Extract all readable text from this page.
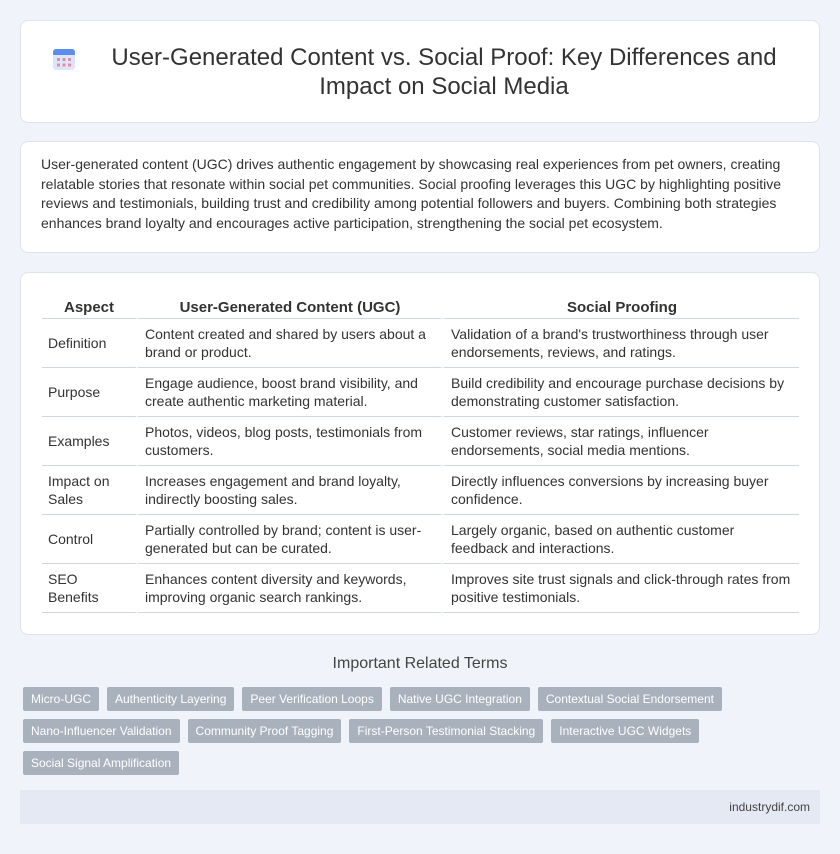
User-Generated Content vs. Social Proof: Key Differences and Impact on Social Media

User-generated content (UGC) drives authentic engagement by showcasing real experiences from pet owners, creating relatable stories that resonate within social pet communities. Social proofing leverages this UGC by highlighting positive reviews and testimonials, building trust and credibility among potential followers and buyers. Combining both strategies enhances brand loyalty and encourages active participation, strengthening the social pet ecosystem.

Aspect	User-Generated Content (UGC)	Social Proofing
Definition	Content created and shared by users about a brand or product.	Validation of a brand's trustworthiness through user endorsements, reviews, and ratings.
Purpose	Engage audience, boost brand visibility, and create authentic marketing material.	Build credibility and encourage purchase decisions by demonstrating customer satisfaction.
Examples	Photos, videos, blog posts, testimonials from customers.	Customer reviews, star ratings, influencer endorsements, social media mentions.
Impact on Sales	Increases engagement and brand loyalty, indirectly boosting sales.	Directly influences conversions by increasing buyer confidence.
Control	Partially controlled by brand; content is user-generated but can be curated.	Largely organic, based on authentic customer feedback and interactions.
SEO Benefits	Enhances content diversity and keywords, improving organic search rankings.	Improves site trust signals and click-through rates from positive testimonials.
Important Related Terms
Micro-UGC	Authenticity Layering	Peer Verification Loops	Native UGC Integration	Contextual Social Endorsement
Nano-Influencer Validation	Community Proof Tagging	First-Person Testimonial Stacking	Interactive UGC Widgets
Social Signal Amplification
industrydif.com
